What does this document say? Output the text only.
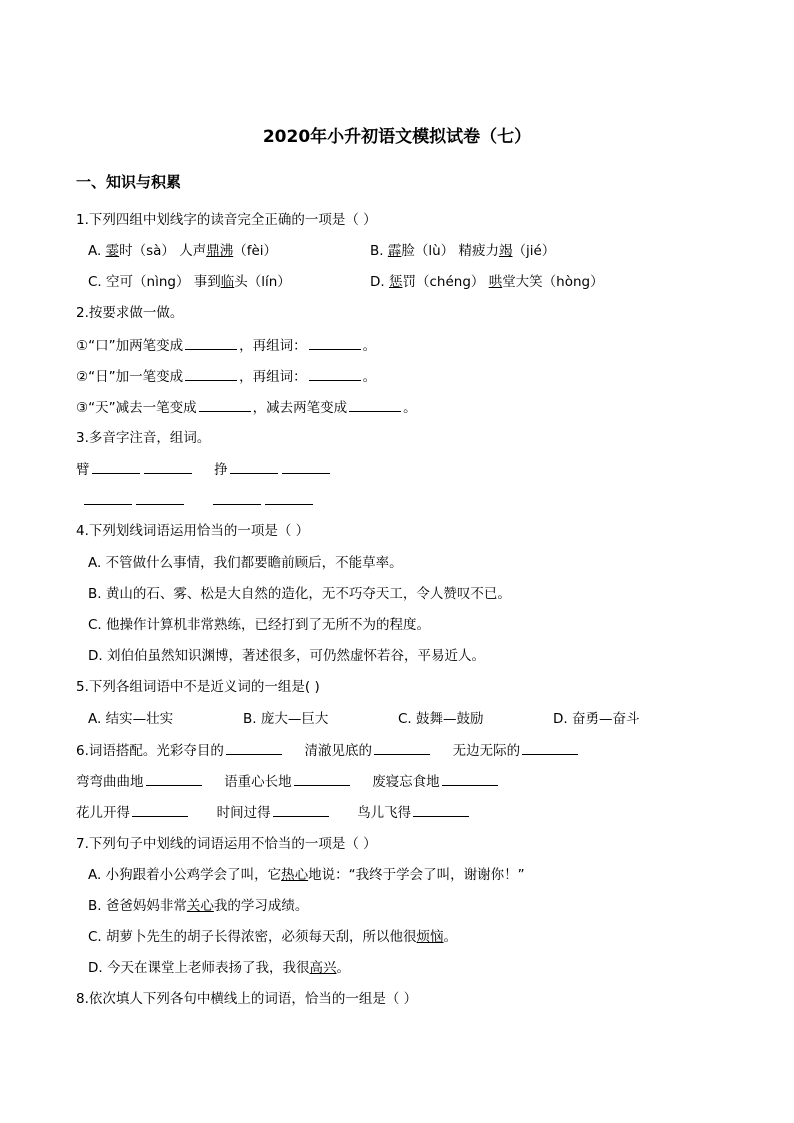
2020年小升初语文模拟试卷（七）
一、知识与积累
1.下列四组中划线字的读音完全正确的一项是（ ）
A. 霎时（sà） 人声鼎沸（fèi）	B. 霹脸（lù） 精疲力竭（jié）
C. 空可（nìng） 事到临头（lín）	D. 惩罚（chéng） 哄堂大笑（hòng）
2.按要求做一做。
①“口”加两笔变成	，再组词：	。
②“日”加一笔变成	，再组词：	。
③“天”减去一笔变成	，减去两笔变成	。
3.多音字注音，组词。
臂	挣

4.下列划线词语运用恰当的一项是（ ）
A. 不管做什么事情，我们都要瞻前顾后，不能草率。
B. 黄山的石、雾、松是大自然的造化，无不巧夺天工，令人赞叹不已。
C. 他操作计算机非常熟练，已经打到了无所不为的程度。
D. 刘伯伯虽然知识渊博，著述很多，可仍然虚怀若谷，平易近人。
5.下列各组词语中不是近义词的一组是( )
A. 结实—壮实	B. 庞大—巨大	C. 鼓舞—鼓励	D. 奋勇—奋斗
6.词语搭配。光彩夺目的	清澈见底的	无边无际的
弯弯曲曲地	语重心长地	废寝忘食地
花儿开得	时间过得	鸟儿飞得
7.下列句子中划线的词语运用不恰当的一项是（ ）
A. 小狗跟着小公鸡学会了叫，它热心地说：“我终于学会了叫，谢谢你！”
B. 爸爸妈妈非常关心我的学习成绩。
C. 胡萝卜先生的胡子长得浓密，必须每天刮，所以他很烦恼。
D. 今天在课堂上老师表扬了我，我很高兴。
8.依次填人下列各句中横线上的词语，恰当的一组是（ ）
